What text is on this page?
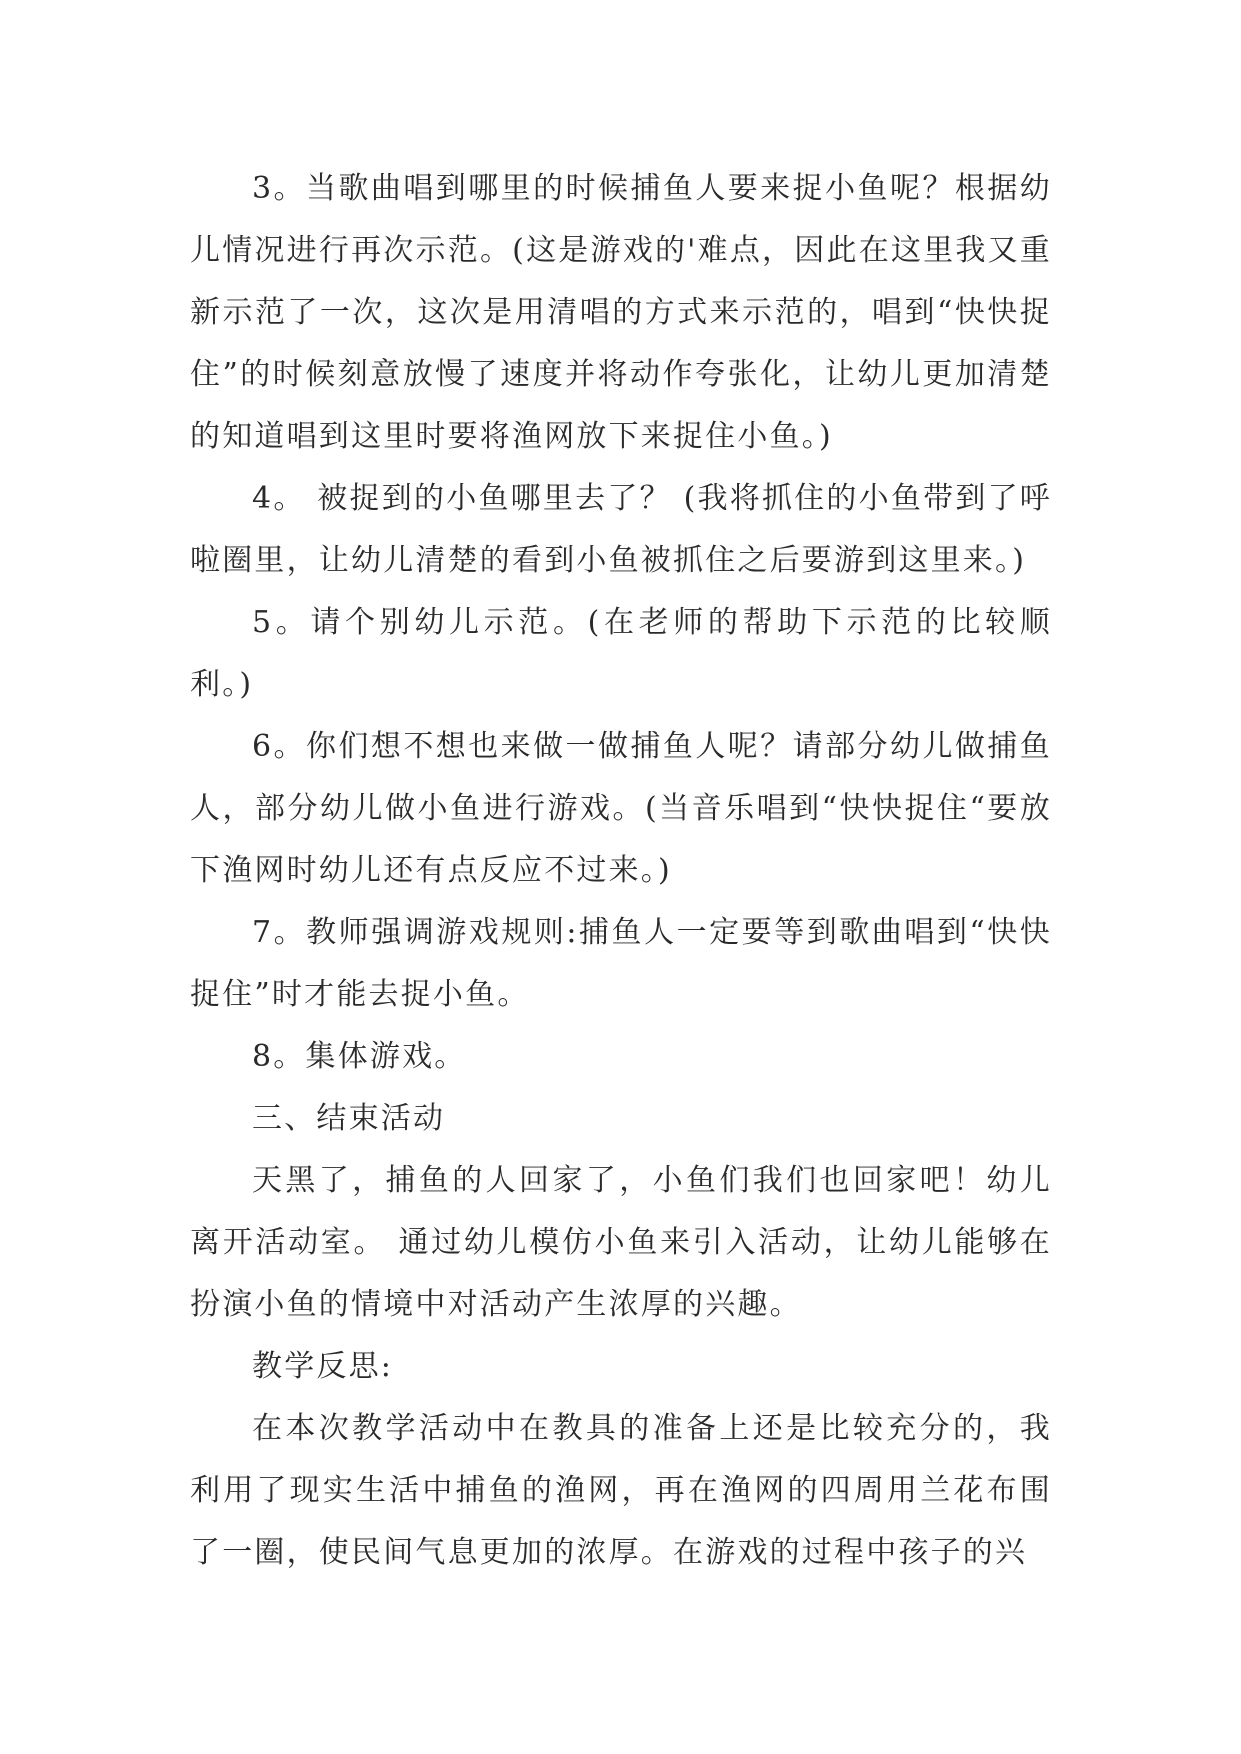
3。当歌曲唱到哪里的时候捕鱼人要来捉小鱼呢？根据幼儿情况进行再次示范。(这是游戏的'难点，因此在这里我又重新示范了一次，这次是用清唱的方式来示范的，唱到“快快捉住”的时候刻意放慢了速度并将动作夸张化，让幼儿更加清楚的知道唱到这里时要将渔网放下来捉住小鱼。)

4。 被捉到的小鱼哪里去了？ (我将抓住的小鱼带到了呼啦圈里，让幼儿清楚的看到小鱼被抓住之后要游到这里来。)

5。请个别幼儿示范。(在老师的帮助下示范的比较顺利。)

6。你们想不想也来做一做捕鱼人呢？请部分幼儿做捕鱼人，部分幼儿做小鱼进行游戏。(当音乐唱到“快快捉住“要放下渔网时幼儿还有点反应不过来。)

7。教师强调游戏规则:捕鱼人一定要等到歌曲唱到“快快捉住”时才能去捉小鱼。

8。集体游戏。

三、结束活动

天黑了，捕鱼的人回家了，小鱼们我们也回家吧！幼儿离开活动室。 通过幼儿模仿小鱼来引入活动，让幼儿能够在扮演小鱼的情境中对活动产生浓厚的兴趣。

教学反思:

在本次教学活动中在教具的准备上还是比较充分的，我利用了现实生活中捕鱼的渔网，再在渔网的四周用兰花布围了一圈，使民间气息更加的浓厚。在游戏的过程中孩子的兴
